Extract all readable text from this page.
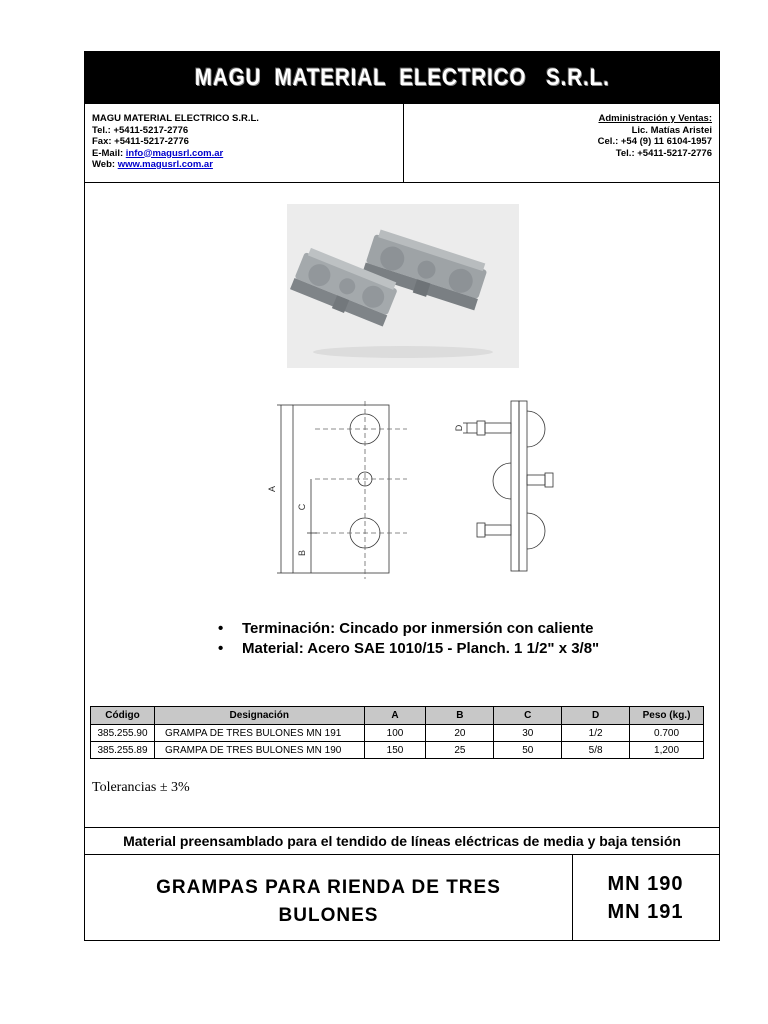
MAGU  MATERIAL  ELECTRICO   S.R.L.
MAGU MATERIAL ELECTRICO S.R.L.
Tel.: +5411-5217-2776
Fax: +5411-5217-2776
E-Mail: info@magusrl.com.ar
Web: www.magusrl.com.ar
Administración y Ventas:
Lic. Matías Aristei
Cel.: +54 (9) 11 6104-1957
Tel.: +5411-5217-2776
A
C
B
D
• Terminación: Cincado por inmersión con caliente
• Material: Acero SAE 1010/15 - Planch. 1 1/2" x 3/8"
Código	Designación	A	B	C	D	Peso (kg.)
385.255.90	GRAMPA DE TRES BULONES MN 191	100	20	30	1/2	0.700
385.255.89	GRAMPA DE TRES BULONES MN 190	150	25	50	5/8	1,200
Tolerancias ± 3%
Material preensamblado para el tendido de líneas eléctricas de media y baja tensión
GRAMPAS PARA RIENDA DE TRES
BULONES
MN 190
MN 191
